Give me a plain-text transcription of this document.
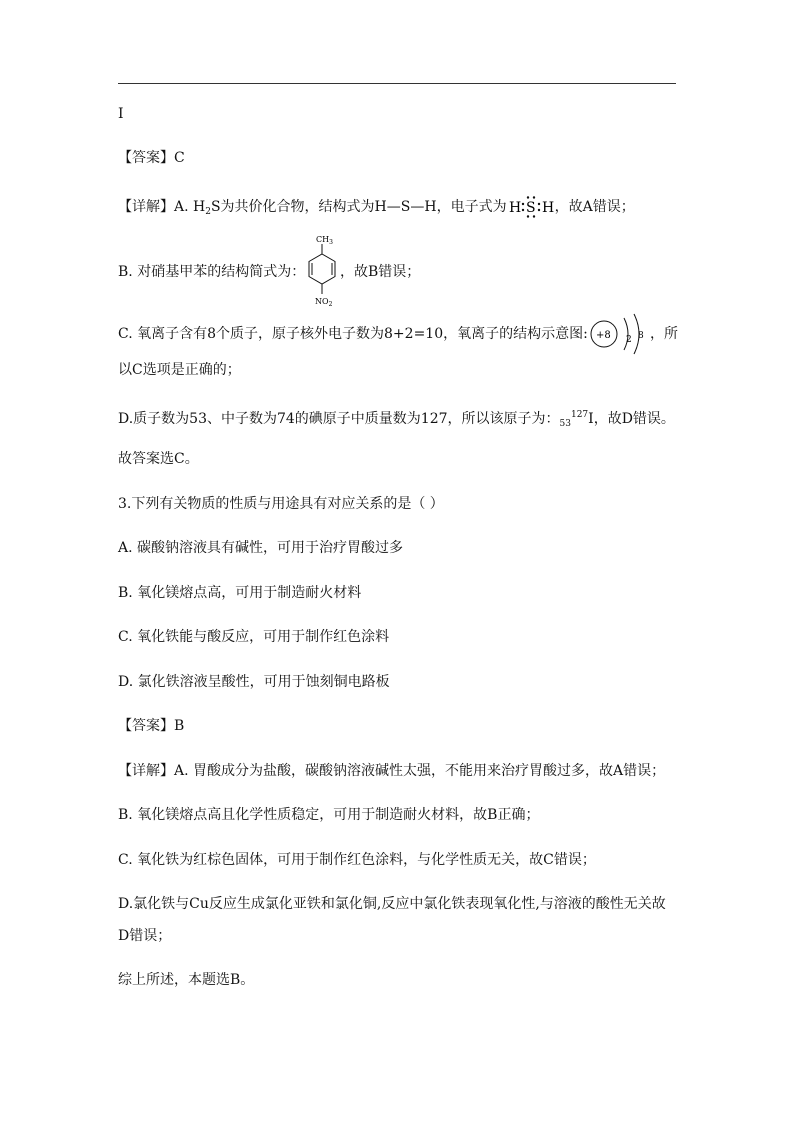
I
【答案】C
【详解】A. $H_2S$为共价化合物，结构式为H—S—H，电子式为 H S H ，故A错误；
B. 对硝基甲苯的结构简式为：
$CH_3$
$NO_2$
，故B错误；
C. 氧离子含有8个质子，原子核外电子数为8+2=10，氧离子的结构示意图: +8 2 8 ，所
以C选项是正确的；
D.质子数为53、中子数为74的碘原子中质量数为127，所以该原子为：$_{53}^{127}$I，故D错误。
故答案选C。
3.下列有关物质的性质与用途具有对应关系的是（ ）
A. 碳酸钠溶液具有碱性，可用于治疗胃酸过多
B. 氧化镁熔点高，可用于制造耐火材料
C. 氧化铁能与酸反应，可用于制作红色涂料
D. 氯化铁溶液呈酸性，可用于蚀刻铜电路板
【答案】B
【详解】A. 胃酸成分为盐酸，碳酸钠溶液碱性太强，不能用来治疗胃酸过多，故A错误；
B. 氧化镁熔点高且化学性质稳定，可用于制造耐火材料，故B正确；
C. 氧化铁为红棕色固体，可用于制作红色涂料，与化学性质无关，故C错误；
D.氯化铁与Cu反应生成氯化亚铁和氯化铜,反应中氯化铁表现氧化性,与溶液的酸性无关故
D错误；
综上所述，本题选B。
